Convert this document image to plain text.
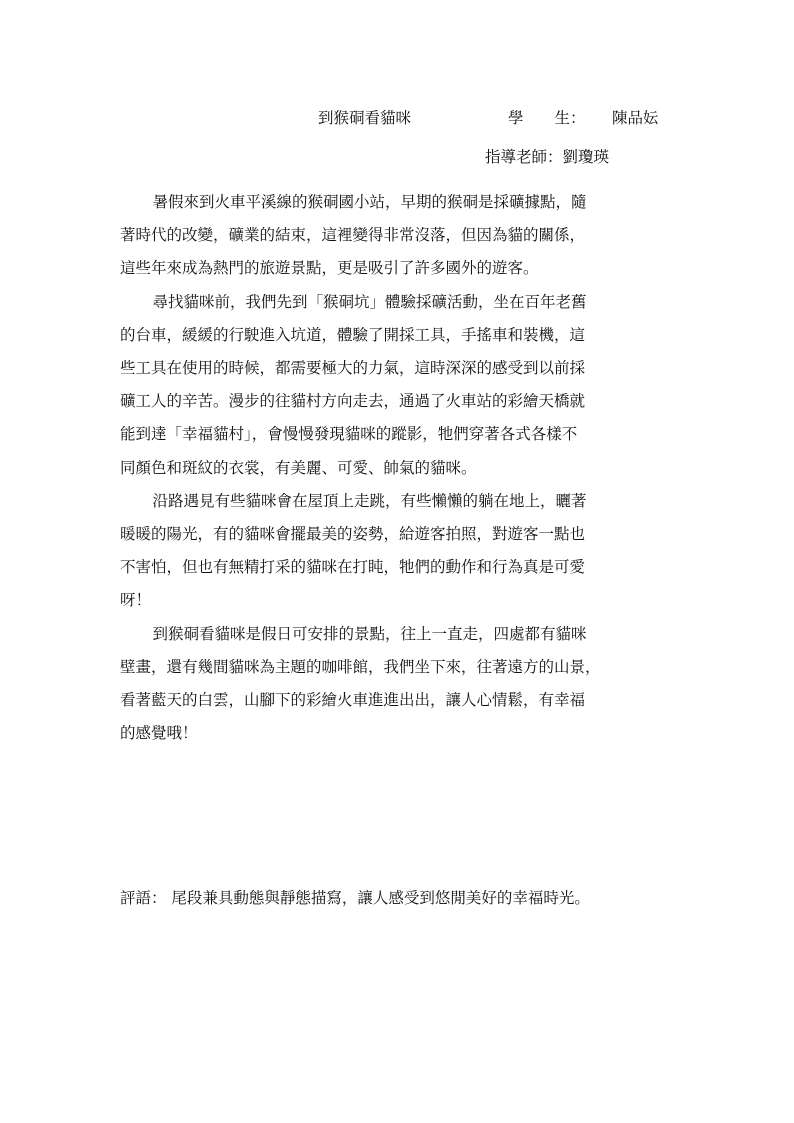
到猴硐看貓咪

	學　　生：

陳品妘

指導老師：劉瓊瑛

暑假來到火車平溪線的猴硐國小站，早期的猴硐是採礦據點，隨
著時代的改變，礦業的結束，這裡變得非常沒落，但因為貓的關係，
這些年來成為熱門的旅遊景點，更是吸引了許多國外的遊客。

尋找貓咪前，我們先到「猴硐坑」體驗採礦活動，坐在百年老舊
的台車，緩緩的行駛進入坑道，體驗了開採工具，手搖車和裝機，這
些工具在使用的時候，都需要極大的力氣，這時深深的感受到以前採
礦工人的辛苦。漫步的往貓村方向走去，通過了火車站的彩繪天橋就
能到達「幸福貓村」，會慢慢發現貓咪的蹤影，牠們穿著各式各樣不
同顏色和斑紋的衣裳，有美麗、可愛、帥氣的貓咪。

沿路遇見有些貓咪會在屋頂上走跳，有些懶懶的躺在地上，曬著
暖暖的陽光，有的貓咪會擺最美的姿勢，給遊客拍照，對遊客一點也
不害怕，但也有無精打采的貓咪在打盹，牠們的動作和行為真是可愛
呀！

到猴硐看貓咪是假日可安排的景點，往上一直走，四處都有貓咪
壁畫，還有幾間貓咪為主題的咖啡館，我們坐下來，往著遠方的山景，
看著藍天的白雲，山腳下的彩繪火車進進出出，讓人心情鬆，有幸福
的感覺哦！

評語： 尾段兼具動態與靜態描寫，讓人感受到悠閒美好的幸福時光。
